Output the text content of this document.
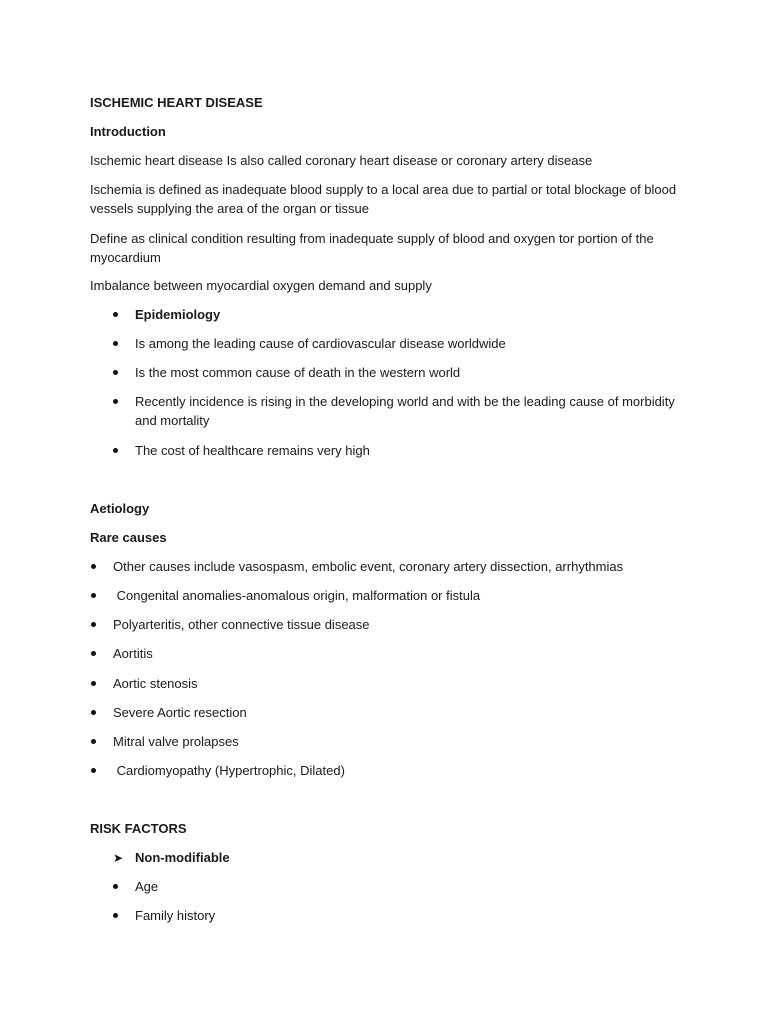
ISCHEMIC HEART DISEASE

Introduction

Ischemic heart disease Is also called coronary heart disease or coronary artery disease

Ischemia is defined as inadequate blood supply to a local area due to partial or total blockage of blood vessels supplying the area of the organ or tissue

Define as clinical condition resulting from inadequate supply of blood and oxygen tor portion of the myocardium

Imbalance between myocardial oxygen demand and supply

Epidemiology

Is among the leading cause of cardiovascular disease worldwide

Is the most common cause of death in the western world

Recently incidence is rising in the developing world and with be the leading cause of morbidity and mortality

The cost of healthcare remains very high

Aetiology

Rare causes

Other causes include vasospasm, embolic event, coronary artery dissection, arrhythmias

Congenital anomalies-anomalous origin, malformation or fistula

Polyarteritis, other connective tissue disease

Aortitis

Aortic stenosis

Severe Aortic resection

Mitral valve prolapses

Cardiomyopathy (Hypertrophic, Dilated)

RISK FACTORS

➤

Non-modifiable

Age

Family history
